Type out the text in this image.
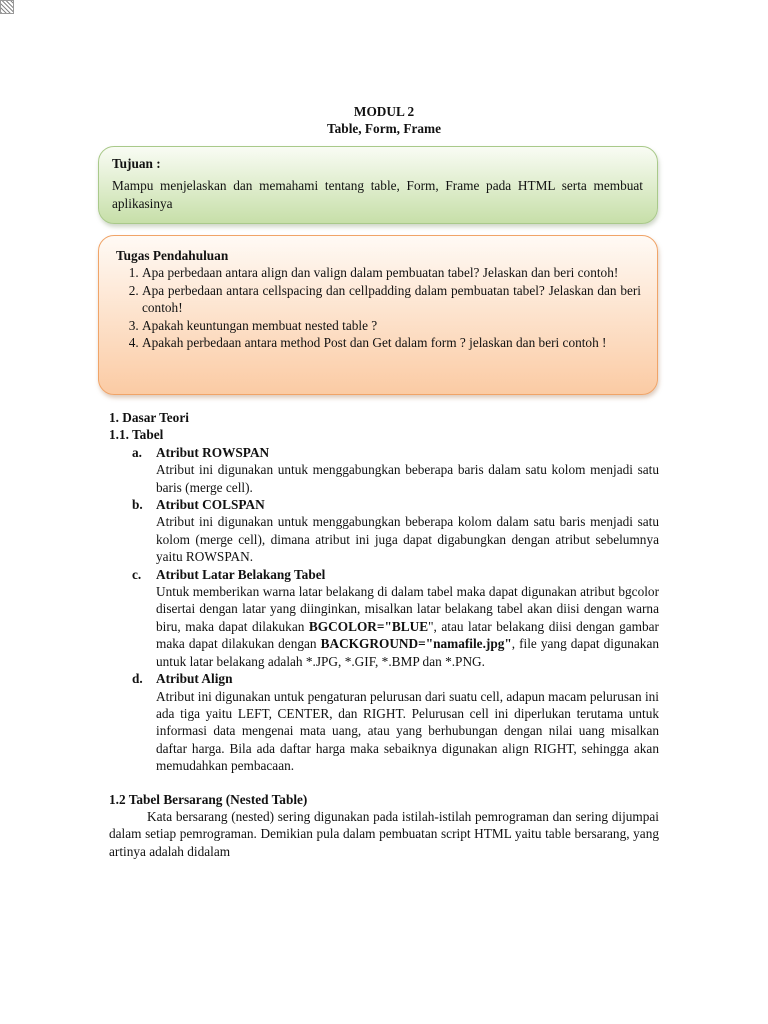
MODUL 2
Table, Form, Frame
Tujuan :

Mampu menjelaskan dan memahami tentang table, Form, Frame pada HTML serta membuat aplikasinya

Tugas Pendahuluan
1. Apa perbedaan antara align dan valign dalam pembuatan tabel? Jelaskan dan beri contoh!
2. Apa perbedaan antara cellspacing dan cellpadding dalam pembuatan tabel? Jelaskan dan beri contoh!
3. Apakah keuntungan membuat nested table ?
4. Apakah perbedaan antara method Post dan Get dalam form ? jelaskan dan beri contoh !
1. Dasar Teori
1.1. Tabel
a.	Atribut ROWSPAN
Atribut ini digunakan untuk menggabungkan beberapa baris dalam satu kolom menjadi satu baris (merge cell).
b. Atribut COLSPAN
Atribut ini digunakan untuk menggabungkan beberapa kolom dalam satu baris menjadi satu kolom (merge cell), dimana atribut ini juga dapat digabungkan dengan atribut sebelumnya yaitu ROWSPAN.
c.	Atribut Latar Belakang Tabel
Untuk memberikan warna latar belakang di dalam tabel maka dapat digunakan atribut bgcolor disertai dengan latar yang diinginkan, misalkan latar belakang tabel akan diisi dengan warna biru, maka dapat dilakukan BGCOLOR="BLUE", atau latar belakang diisi dengan gambar maka dapat dilakukan dengan BACKGROUND="namafile.jpg", file yang dapat digunakan untuk latar belakang adalah *.JPG, *.GIF, *.BMP dan *.PNG.
d. Atribut Align
Atribut ini digunakan untuk pengaturan pelurusan dari suatu cell, adapun macam pelurusan ini ada tiga yaitu LEFT, CENTER, dan RIGHT. Pelurusan cell ini diperlukan terutama untuk informasi data mengenai mata uang, atau yang berhubungan dengan nilai uang misalkan daftar harga. Bila ada daftar harga maka sebaiknya digunakan align RIGHT, sehingga akan memudahkan pembacaan.
1.2 Tabel Bersarang (Nested Table)

Kata bersarang (nested) sering digunakan pada istilah-istilah pemrograman dan sering dijumpai dalam setiap pemrograman. Demikian pula dalam pembuatan script HTML yaitu table bersarang, yang artinya adalah didalam
